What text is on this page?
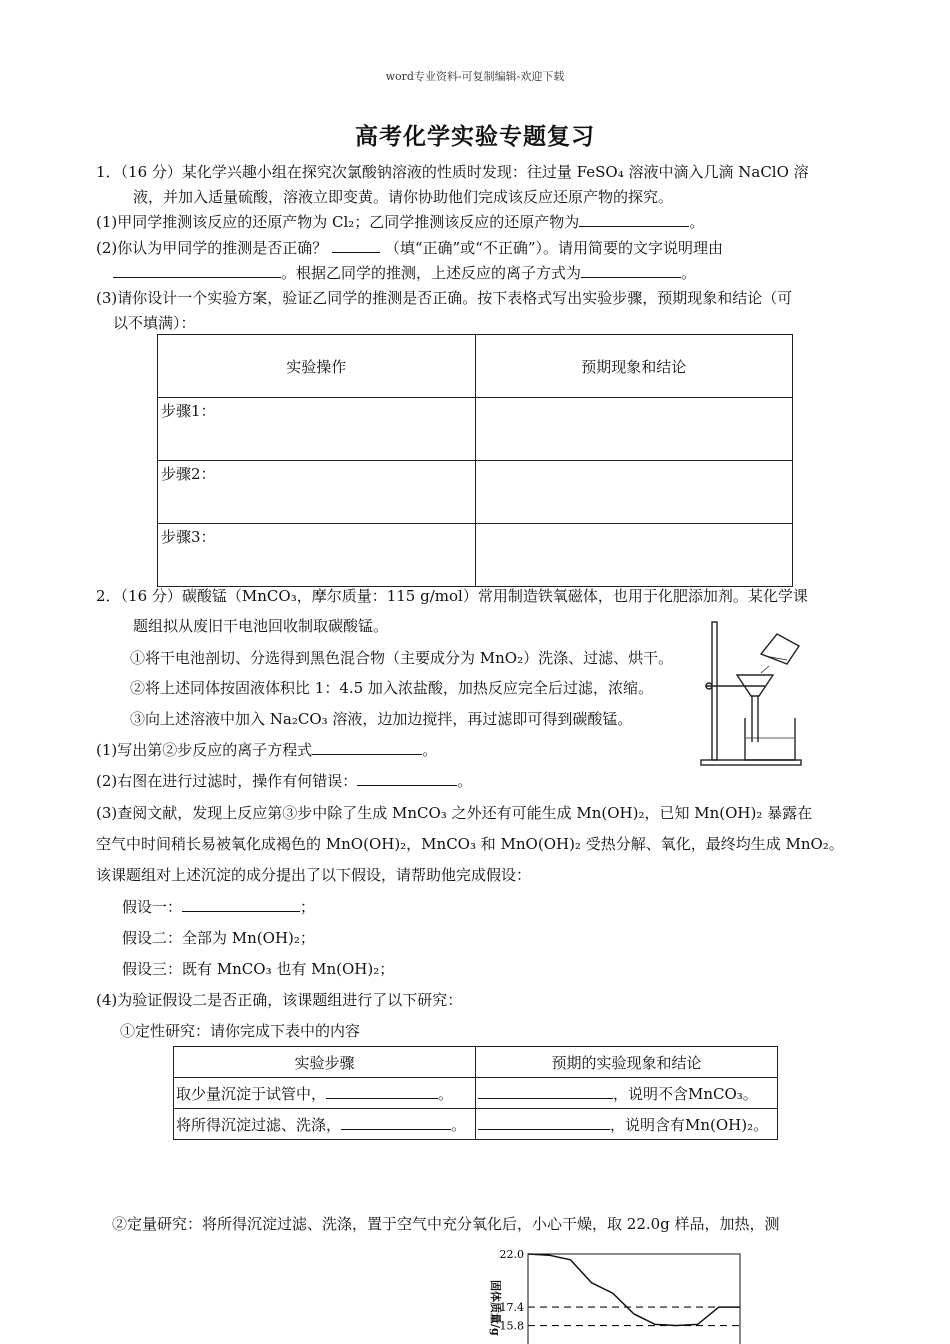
word专业资料-可复制编辑-欢迎下载
高考化学实验专题复习
1．（16 分）某化学兴趣小组在探究次氯酸钠溶液的性质时发现：往过量 FeSO₄ 溶液中滴入几滴 NaClO 溶
液，并加入适量硫酸，溶液立即变黄。请你协助他们完成该反应还原产物的探究。
(1)甲同学推测该反应的还原产物为 Cl₂；乙同学推测该反应的还原产物为	。
(2)你认为甲同学的推测是否正确？	（填“正确”或“不正确”）。请用简要的文字说明理由
。根据乙同学的推测，上述反应的离子方式为	。
(3)请你设计一个实验方案，验证乙同学的推测是否正确。按下表格式写出实验步骤，预期现象和结论（可
以不填满）：
实验操作	预期现象和结论
步骤1：	
步骤2：	
步骤3：	
2．（16 分）碳酸锰（MnCO₃，摩尔质量：115 g/mol）常用制造铁氧磁体，也用于化肥添加剂。某化学课
题组拟从废旧干电池回收制取碳酸锰。
①将干电池剖切、分选得到黑色混合物（主要成分为 MnO₂）洗涤、过滤、烘干。
②将上述同体按固液体积比 1：4.5 加入浓盐酸，加热反应完全后过滤，浓缩。
③向上述溶液中加入 Na₂CO₃ 溶液，边加边搅拌，再过滤即可得到碳酸锰。
(1)写出第②步反应的离子方程式	。
(2)右图在进行过滤时，操作有何错误：	。
(3)查阅文献，发现上反应第③步中除了生成 MnCO₃ 之外还有可能生成 Mn(OH)₂，已知 Mn(OH)₂ 暴露在
空气中时间稍长易被氧化成褐色的 MnO(OH)₂，MnCO₃ 和 MnO(OH)₂ 受热分解、氧化，最终均生成 MnO₂。
该课题组对上述沉淀的成分提出了以下假设，请帮助他完成假设：
假设一：	；
假设二：全部为 Mn(OH)₂；
假设三：既有 MnCO₃ 也有 Mn(OH)₂；
(4)为验证假设二是否正确，该课题组进行了以下研究：
①定性研究：请你完成下表中的内容
实验步骤	预期的实验现象和结论
取少量沉淀于试管中， 。	，说明不含MnCO₃。
将所得沉淀过滤、洗涤， 。	，说明含有Mn(OH)₂。
②定量研究：将所得沉淀过滤、洗涤，置于空气中充分氧化后，小心干燥，取 22.0g 样品，加热，测
固体质量/g
22.0
17.4
15.8
